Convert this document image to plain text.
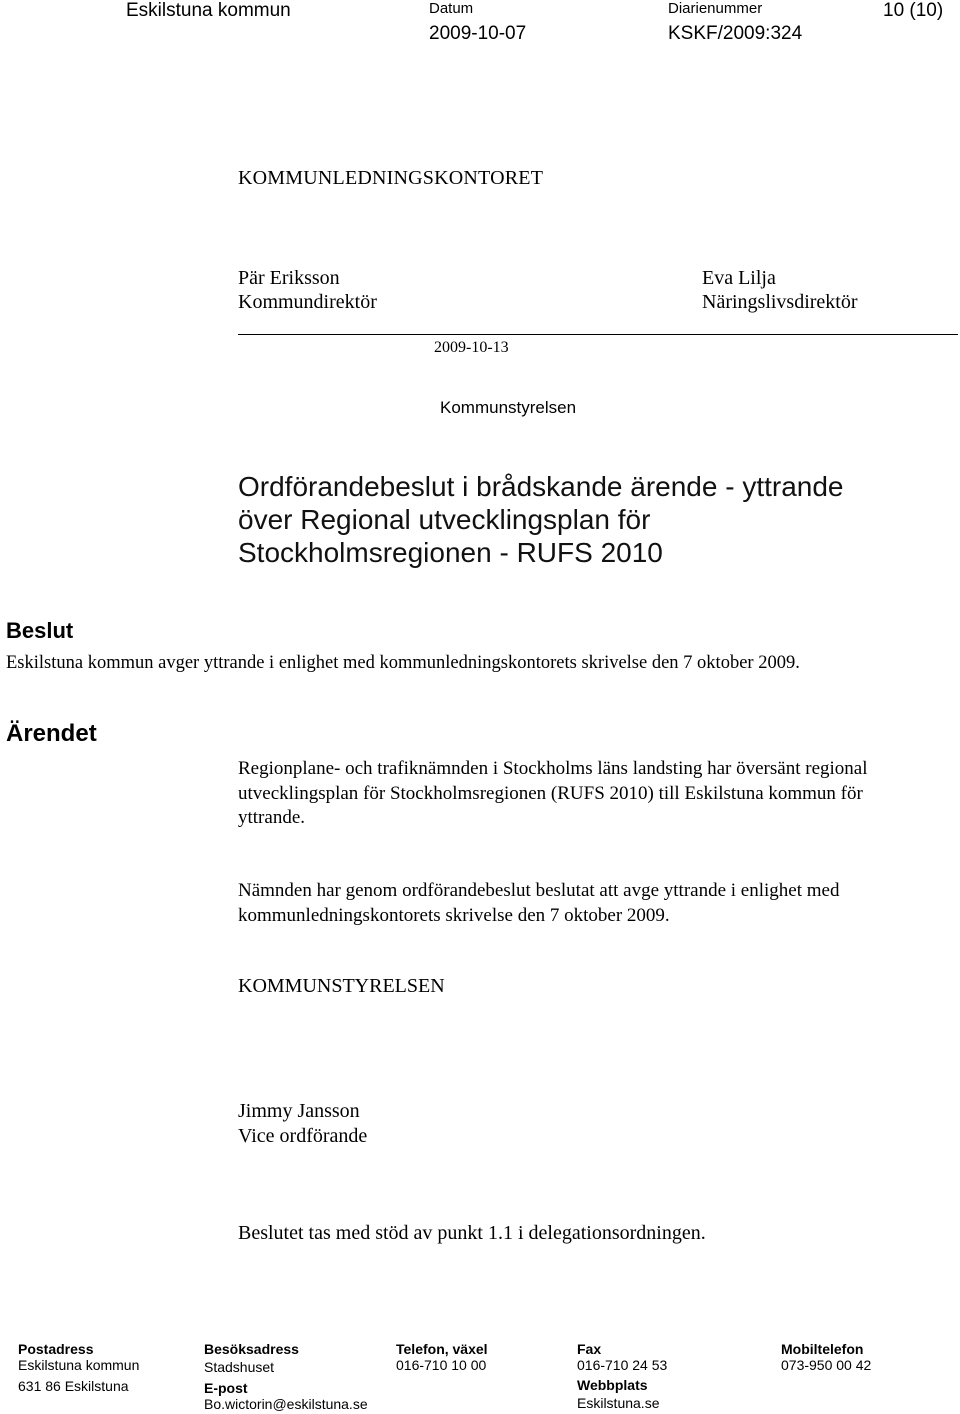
Eskilstuna kommun	Datum
2009-10-07
Diarienummer
KSKF/2009:324
10 (10)
KOMMUNLEDNINGSKONTORET
Pär Eriksson
Kommundirektör
Eva Lilja
Näringslivsdirektör
2009-10-13
Kommunstyrelsen
Ordförandebeslut i brådskande ärende - yttrande
över Regional utvecklingsplan för
Stockholmsregionen - RUFS 2010
Beslut
Eskilstuna kommun avger yttrande i enlighet med kommunledningskontorets skrivelse den 7 oktober 2009.
Ärendet
Regionplane- och trafiknämnden i Stockholms läns landsting har översänt regional
utvecklingsplan för Stockholmsregionen (RUFS 2010) till Eskilstuna kommun för
yttrande.
Nämnden har genom ordförandebeslut beslutat att avge yttrande i enlighet med
kommunledningskontorets skrivelse den 7 oktober 2009.
KOMMUNSTYRELSEN
Jimmy Jansson
Vice ordförande
Beslutet tas med stöd av punkt 1.1 i delegationsordningen.
Postadress
Eskilstuna kommun
631 86 Eskilstuna
Besöksadress
Stadshuset
E-post
Bo.wictorin@eskilstuna.se
Telefon, växel
016-710 10 00
Fax
016-710 24 53
Webbplats
Eskilstuna.se
Mobiltelefon
073-950 00 42
